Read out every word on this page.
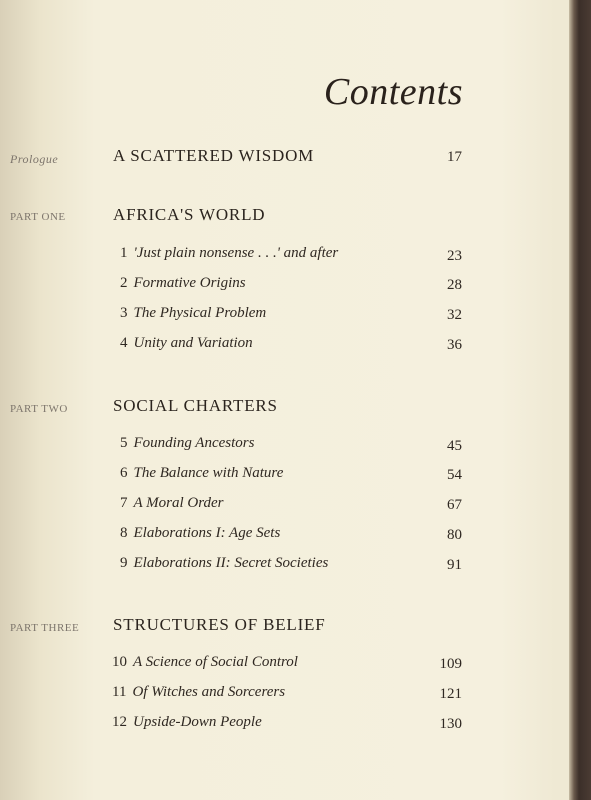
Contents
Prologue	A SCATTERED WISDOM	17
PART ONE	AFRICA'S WORLD
1 'Just plain nonsense . . .' and after	23
2 Formative Origins	28
3 The Physical Problem	32
4 Unity and Variation	36
PART TWO	SOCIAL CHARTERS
5 Founding Ancestors	45
6 The Balance with Nature	54
7 A Moral Order	67
8 Elaborations I: Age Sets	80
9 Elaborations II: Secret Societies	91
PART THREE	STRUCTURES OF BELIEF
10 A Science of Social Control	109
11 Of Witches and Sorcerers	121
12 Upside-Down People	130
